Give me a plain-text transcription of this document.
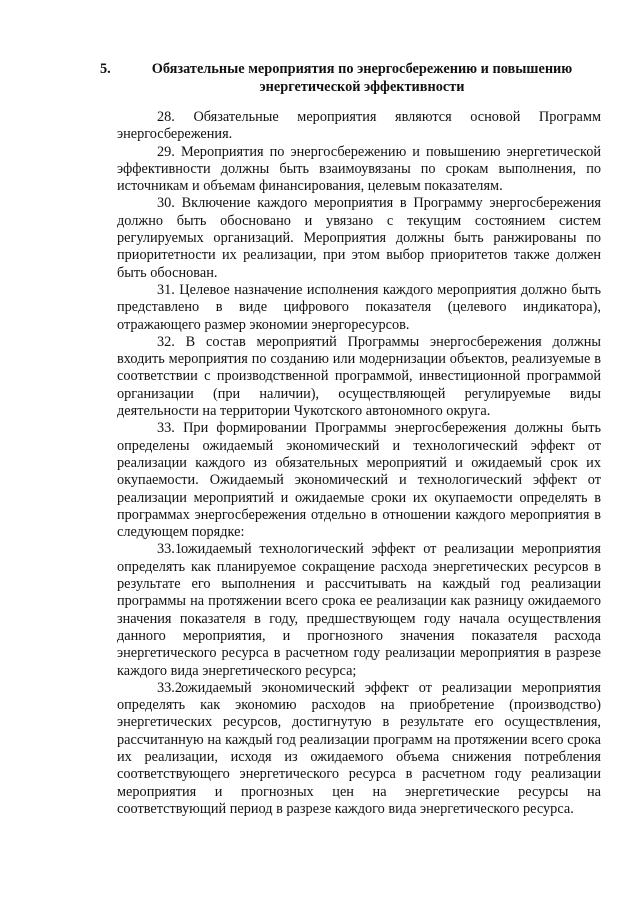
5.	Обязательные мероприятия по энергосбережению и повышению
энергетической эффективности

28. Обязательные мероприятия являются основой Программ энергосбережения.

29. Мероприятия по энергосбережению и повышению энергетической эффективности должны быть взаимоувязаны по срокам выполнения, по источникам и объемам финансирования, целевым показателям.

30. Включение каждого мероприятия в Программу энергосбережения должно быть обосновано и увязано с текущим состоянием систем регулируемых организаций. Мероприятия должны быть ранжированы по приоритетности их реализации, при этом выбор приоритетов также должен быть обоснован.

31. Целевое назначение исполнения каждого мероприятия должно быть представлено в виде цифрового показателя (целевого индикатора), отражающего размер экономии энергоресурсов.

32. В состав мероприятий Программы энергосбережения должны входить мероприятия по созданию или модернизации объектов, реализуемые в соответствии с производственной программой, инвестиционной программой организации (при наличии), осуществляющей регулируемые виды деятельности на территории Чукотского автономного округа.

33. При формировании Программы энергосбережения должны быть определены ожидаемый экономический и технологический эффект от реализации каждого из обязательных мероприятий и ожидаемый срок их окупаемости. Ожидаемый экономический и технологический эффект от реализации мероприятий и ожидаемые сроки их окупаемости определять в программах энергосбережения отдельно в отношении каждого мероприятия в следующем порядке:

33.1ожидаемый технологический эффект от реализации мероприятия определять как планируемое сокращение расхода энергетических ресурсов в результате его выполнения и рассчитывать на каждый год реализации программы на протяжении всего срока ее реализации как разницу ожидаемого значения показателя в году, предшествующем году начала осуществления данного мероприятия, и прогнозного значения показателя расхода энергетического ресурса в расчетном году реализации мероприятия в разрезе каждого вида энергетического ресурса;

33.2ожидаемый экономический эффект от реализации мероприятия определять как экономию расходов на приобретение (производство) энергетических ресурсов, достигнутую в результате его осуществления, рассчитанную на каждый год реализации программ на протяжении всего срока их реализации, исходя из ожидаемого объема снижения потребления соответствующего энергетического ресурса в расчетном году реализации мероприятия и прогнозных цен на энергетические ресурсы на соответствующий период в разрезе каждого вида энергетического ресурса.
